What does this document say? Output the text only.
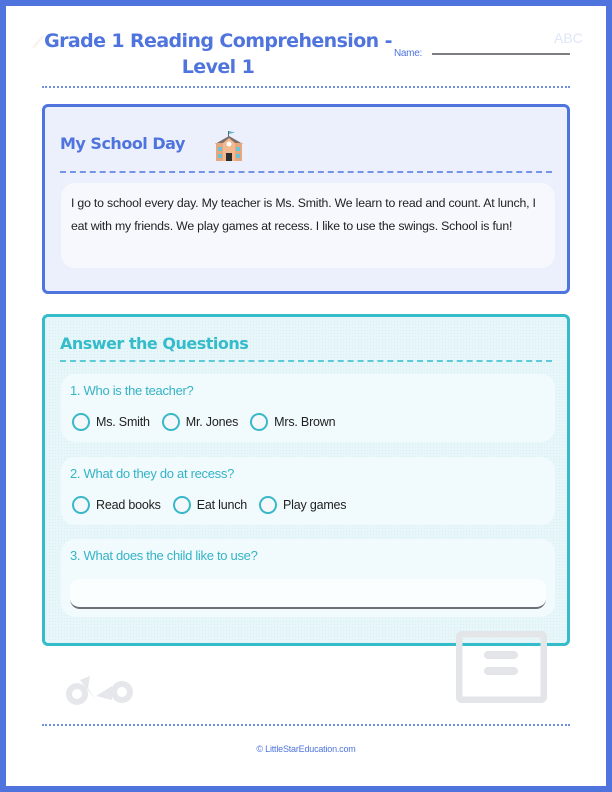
Grade 1 Reading Comprehension -
Level 1
Name:
ABC
My School Day

I go to school every day. My teacher is Ms. Smith. We learn to read and count. At lunch, I eat with my friends. We play games at recess. I like to use the swings. School is fun!

Answer the Questions
1. Who is the teacher?
Ms. Smith	Mr. Jones	Mrs. Brown
2. What do they do at recess?
Read books	Eat lunch	Play games
3. What does the child like to use?
© LittleStarEducation.com
